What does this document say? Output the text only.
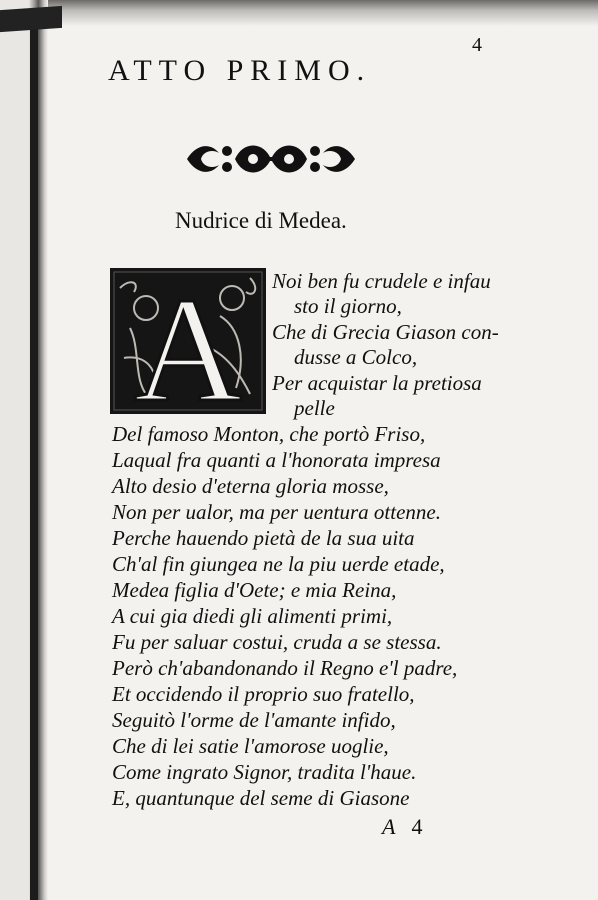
4
ATTO PRIMO.
Nudrice di Medea.
A Noi ben fu crudele e infau
sto il giorno,
Che di Grecia Giason con-
dusse a Colco,
Per acquistar la pretiosa
pelle
Del famoso Monton, che portò Friso,
Laqual fra quanti a l'honorata impresa
Alto desio d'eterna gloria mosse,
Non per ualor, ma per uentura ottenne.
Perche hauendo pietà de la sua uita
Ch'al fin giungea ne la piu uerde etade,
Medea figlia d'Oete; e mia Reina,
A cui gia diedi gli alimenti primi,
Fu per saluar costui, cruda a se stessa.
Però ch'abandonando il Regno e'l padre,
Et occidendo il proprio suo fratello,
Seguitò l'orme de l'amante infido,
Che di lei satie l'amorose uoglie,
Come ingrato Signor, tradita l'haue.
E, quantunque del seme di Giasone
A 4
